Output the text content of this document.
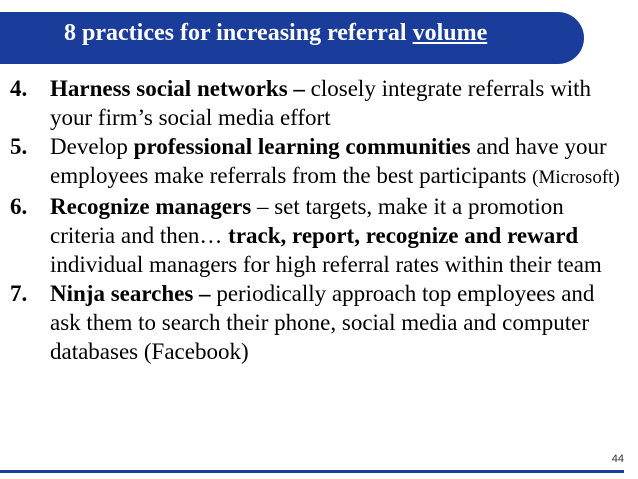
8 practices for increasing referral volume
4. Harness social networks – closely integrate referrals with your firm’s social media effort
5. Develop professional learning communities and have your employees make referrals from the best participants (Microsoft)
6. Recognize managers – set targets, make it a promotion criteria and then… track, report, recognize and reward individual managers for high referral rates within their team
7. Ninja searches – periodically approach top employees and ask them to search their phone, social media and computer databases (Facebook)
44
